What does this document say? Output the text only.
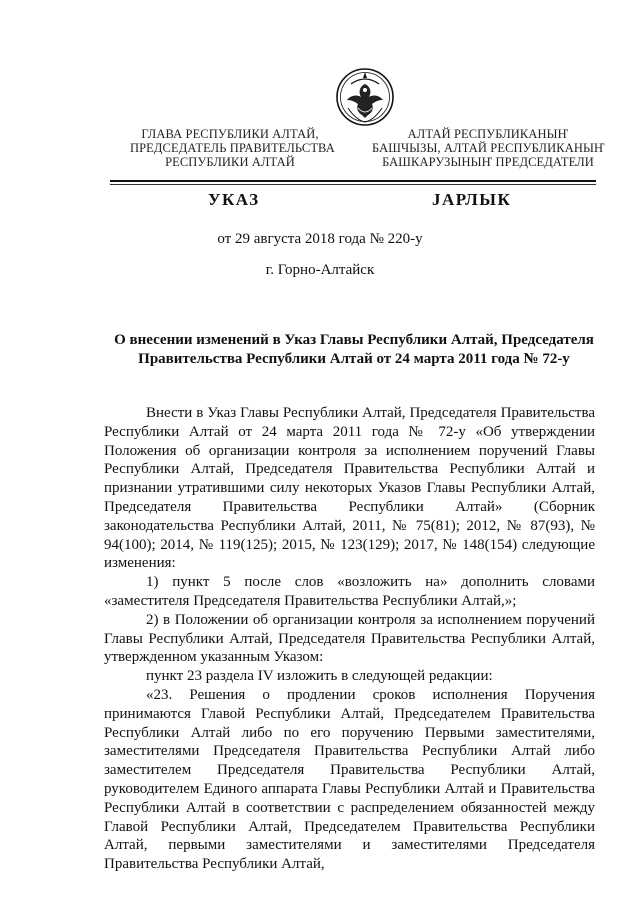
ГЛАВА РЕСПУБЛИКИ АЛТАЙ,
ПРЕДСЕДАТЕЛЬ ПРАВИТЕЛЬСТВА
РЕСПУБЛИКИ АЛТАЙ
АЛТАЙ РЕСПУБЛИКАНЫҤ
БАШЧЫЗЫ, АЛТАЙ РЕСПУБЛИКАНЫҤ
БАШКАРУЗЫНЫҤ ПРЕДСЕДАТЕЛИ
УКАЗ	JАРЛЫК
от 29 августа 2018 года № 220-у
г. Горно-Алтайск
О внесении изменений в Указ Главы Республики Алтай, Председателя Правительства Республики Алтай от 24 марта 2011 года № 72-у

Внести в Указ Главы Республики Алтай, Председателя Правительства Республики Алтай от 24 марта 2011 года № 72-у «Об утверждении Положения об организации контроля за исполнением поручений Главы Республики Алтай, Председателя Правительства Республики Алтай и признании утратившими силу некоторых Указов Главы Республики Алтай, Председателя Правительства Республики Алтай» (Сборник законодательства Республики Алтай, 2011, № 75(81); 2012, № 87(93), № 94(100); 2014, № 119(125); 2015, № 123(129); 2017, № 148(154) следующие изменения:

1) пункт 5 после слов «возложить на» дополнить словами «заместителя Председателя Правительства Республики Алтай,»;

2) в Положении об организации контроля за исполнением поручений Главы Республики Алтай, Председателя Правительства Республики Алтай, утвержденном указанным Указом:

пункт 23 раздела IV изложить в следующей редакции:

«23. Решения о продлении сроков исполнения Поручения принимаются Главой Республики Алтай, Председателем Правительства Республики Алтай либо по его поручению Первыми заместителями, заместителями Председателя Правительства Республики Алтай либо заместителем Председателя Правительства Республики Алтай, руководителем Единого аппарата Главы Республики Алтай и Правительства Республики Алтай в соответствии с распределением обязанностей между Главой Республики Алтай, Председателем Правительства Республики Алтай, первыми заместителями и заместителями Председателя Правительства Республики Алтай,
